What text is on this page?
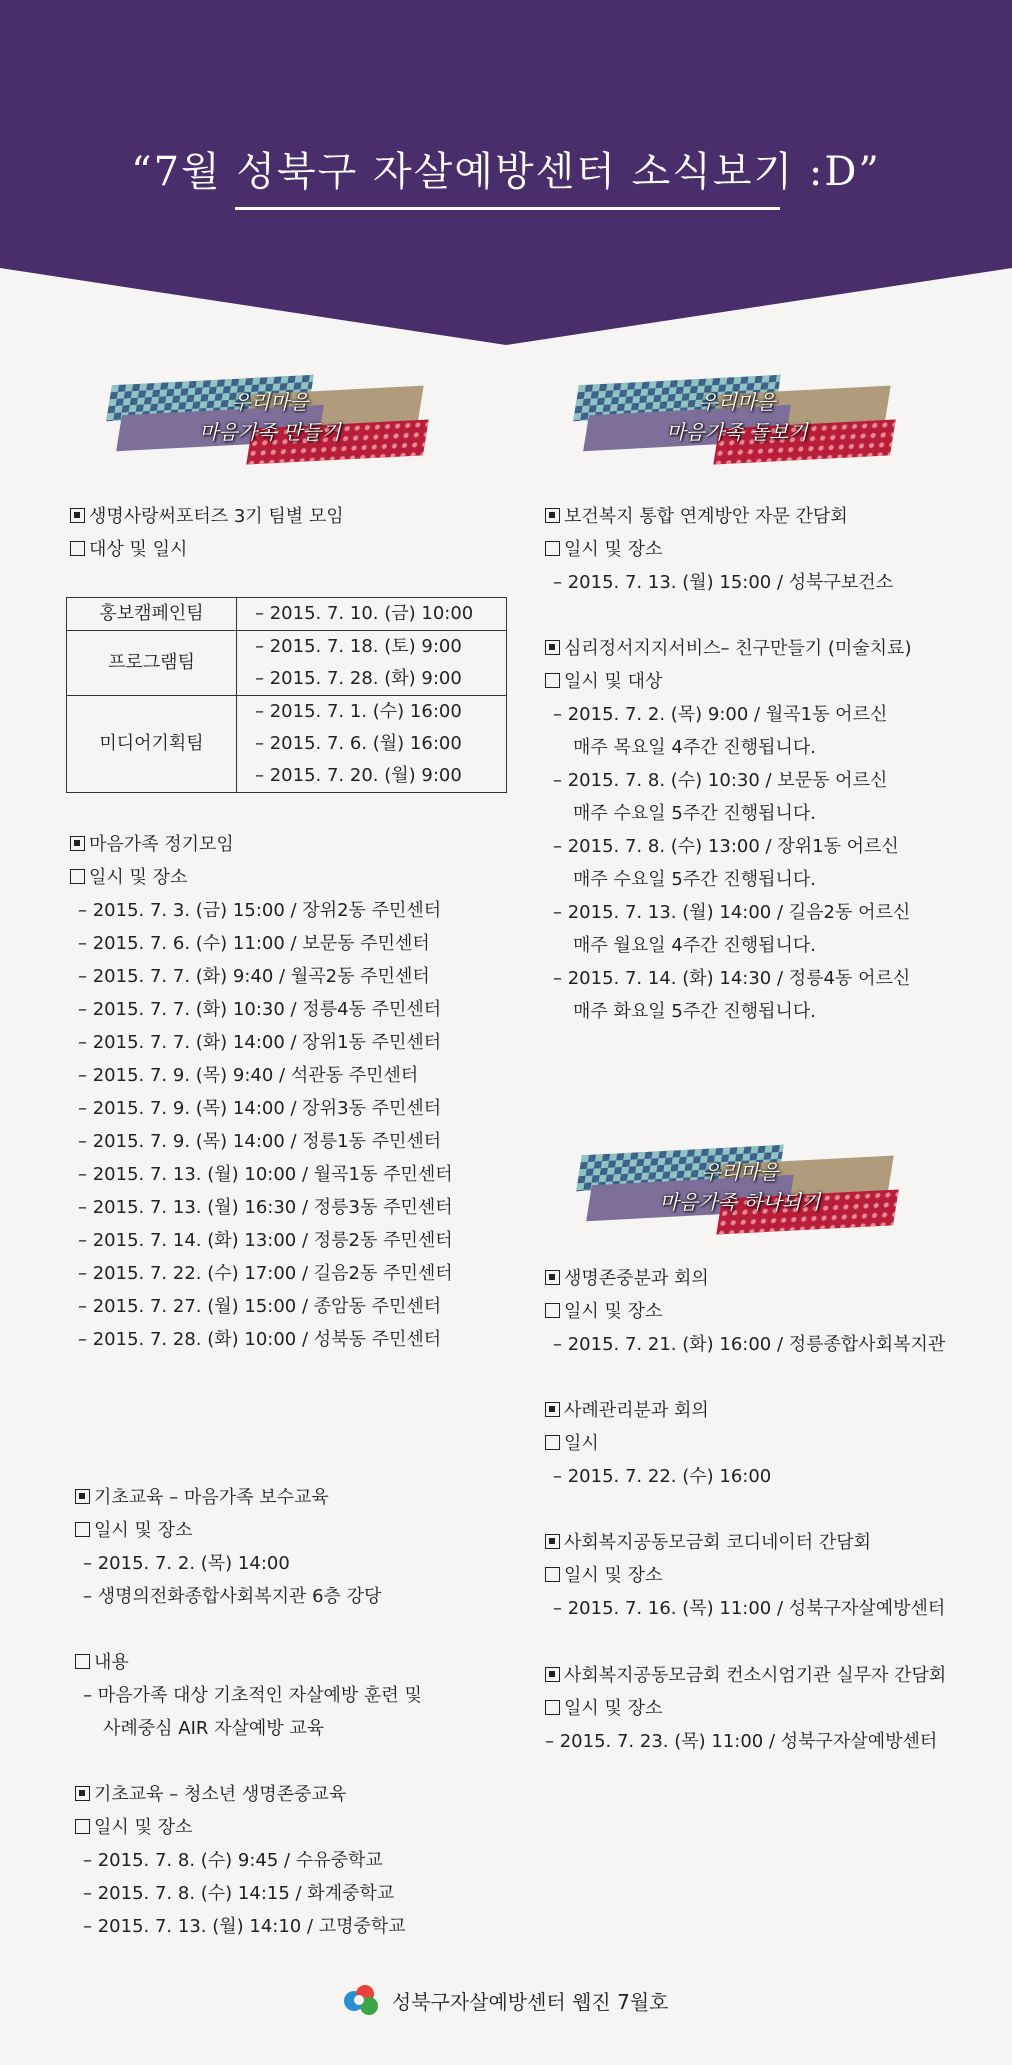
“7월 성북구 자살예방센터 소식보기 :D”
우리마을
마음가족 만들기
우리마을
마음가족 돌보기
우리마을
마음가족 하나되기
생명사랑써포터즈 3기 팀별 모임
대상 및 일시
홍보캠페인팀	– 2015. 7. 10. (금) 10:00

프로그램팀	– 2015. 7. 18. (토) 9:00
– 2015. 7. 28. (화) 9:00

미디어기획팀	– 2015. 7. 1. (수) 16:00
– 2015. 7. 6. (월) 16:00
– 2015. 7. 20. (월) 9:00
마음가족 정기모임
일시 및 장소
– 2015. 7. 3. (금) 15:00 / 장위2동 주민센터
– 2015. 7. 6. (수) 11:00 / 보문동 주민센터
– 2015. 7. 7. (화) 9:40 / 월곡2동 주민센터
– 2015. 7. 7. (화) 10:30 / 정릉4동 주민센터
– 2015. 7. 7. (화) 14:00 / 장위1동 주민센터
– 2015. 7. 9. (목) 9:40 / 석관동 주민센터
– 2015. 7. 9. (목) 14:00 / 장위3동 주민센터
– 2015. 7. 9. (목) 14:00 / 정릉1동 주민센터
– 2015. 7. 13. (월) 10:00 / 월곡1동 주민센터
– 2015. 7. 13. (월) 16:30 / 정릉3동 주민센터
– 2015. 7. 14. (화) 13:00 / 정릉2동 주민센터
– 2015. 7. 22. (수) 17:00 / 길음2동 주민센터
– 2015. 7. 27. (월) 15:00 / 종암동 주민센터
– 2015. 7. 28. (화) 10:00 / 성북동 주민센터
기초교육 – 마음가족 보수교육
일시 및 장소
– 2015. 7. 2. (목) 14:00
– 생명의전화종합사회복지관 6층 강당
내용
– 마음가족 대상 기초적인 자살예방 훈련 및
사례중심 AIR 자살예방 교육
기초교육 – 청소년 생명존중교육
일시 및 장소
– 2015. 7. 8. (수) 9:45 / 수유중학교
– 2015. 7. 8. (수) 14:15 / 화계중학교
– 2015. 7. 13. (월) 14:10 / 고명중학교
보건복지 통합 연계방안 자문 간담회
일시 및 장소
– 2015. 7. 13. (월) 15:00 / 성북구보건소
심리정서지지서비스– 친구만들기 (미술치료)
일시 및 대상
– 2015. 7. 2. (목) 9:00 / 월곡1동 어르신
매주 목요일 4주간 진행됩니다.
– 2015. 7. 8. (수) 10:30 / 보문동 어르신
매주 수요일 5주간 진행됩니다.
– 2015. 7. 8. (수) 13:00 / 장위1동 어르신
매주 수요일 5주간 진행됩니다.
– 2015. 7. 13. (월) 14:00 / 길음2동 어르신
매주 월요일 4주간 진행됩니다.
– 2015. 7. 14. (화) 14:30 / 정릉4동 어르신
매주 화요일 5주간 진행됩니다.
생명존중분과 회의
일시 및 장소
– 2015. 7. 21. (화) 16:00 / 정릉종합사회복지관
사례관리분과 회의
일시
– 2015. 7. 22. (수) 16:00
사회복지공동모금회 코디네이터 간담회
일시 및 장소
– 2015. 7. 16. (목) 11:00 / 성북구자살예방센터
사회복지공동모금회 컨소시엄기관 실무자 간담회
일시 및 장소
– 2015. 7. 23. (목) 11:00 / 성북구자살예방센터
성북구자살예방센터 웹진 7월호
